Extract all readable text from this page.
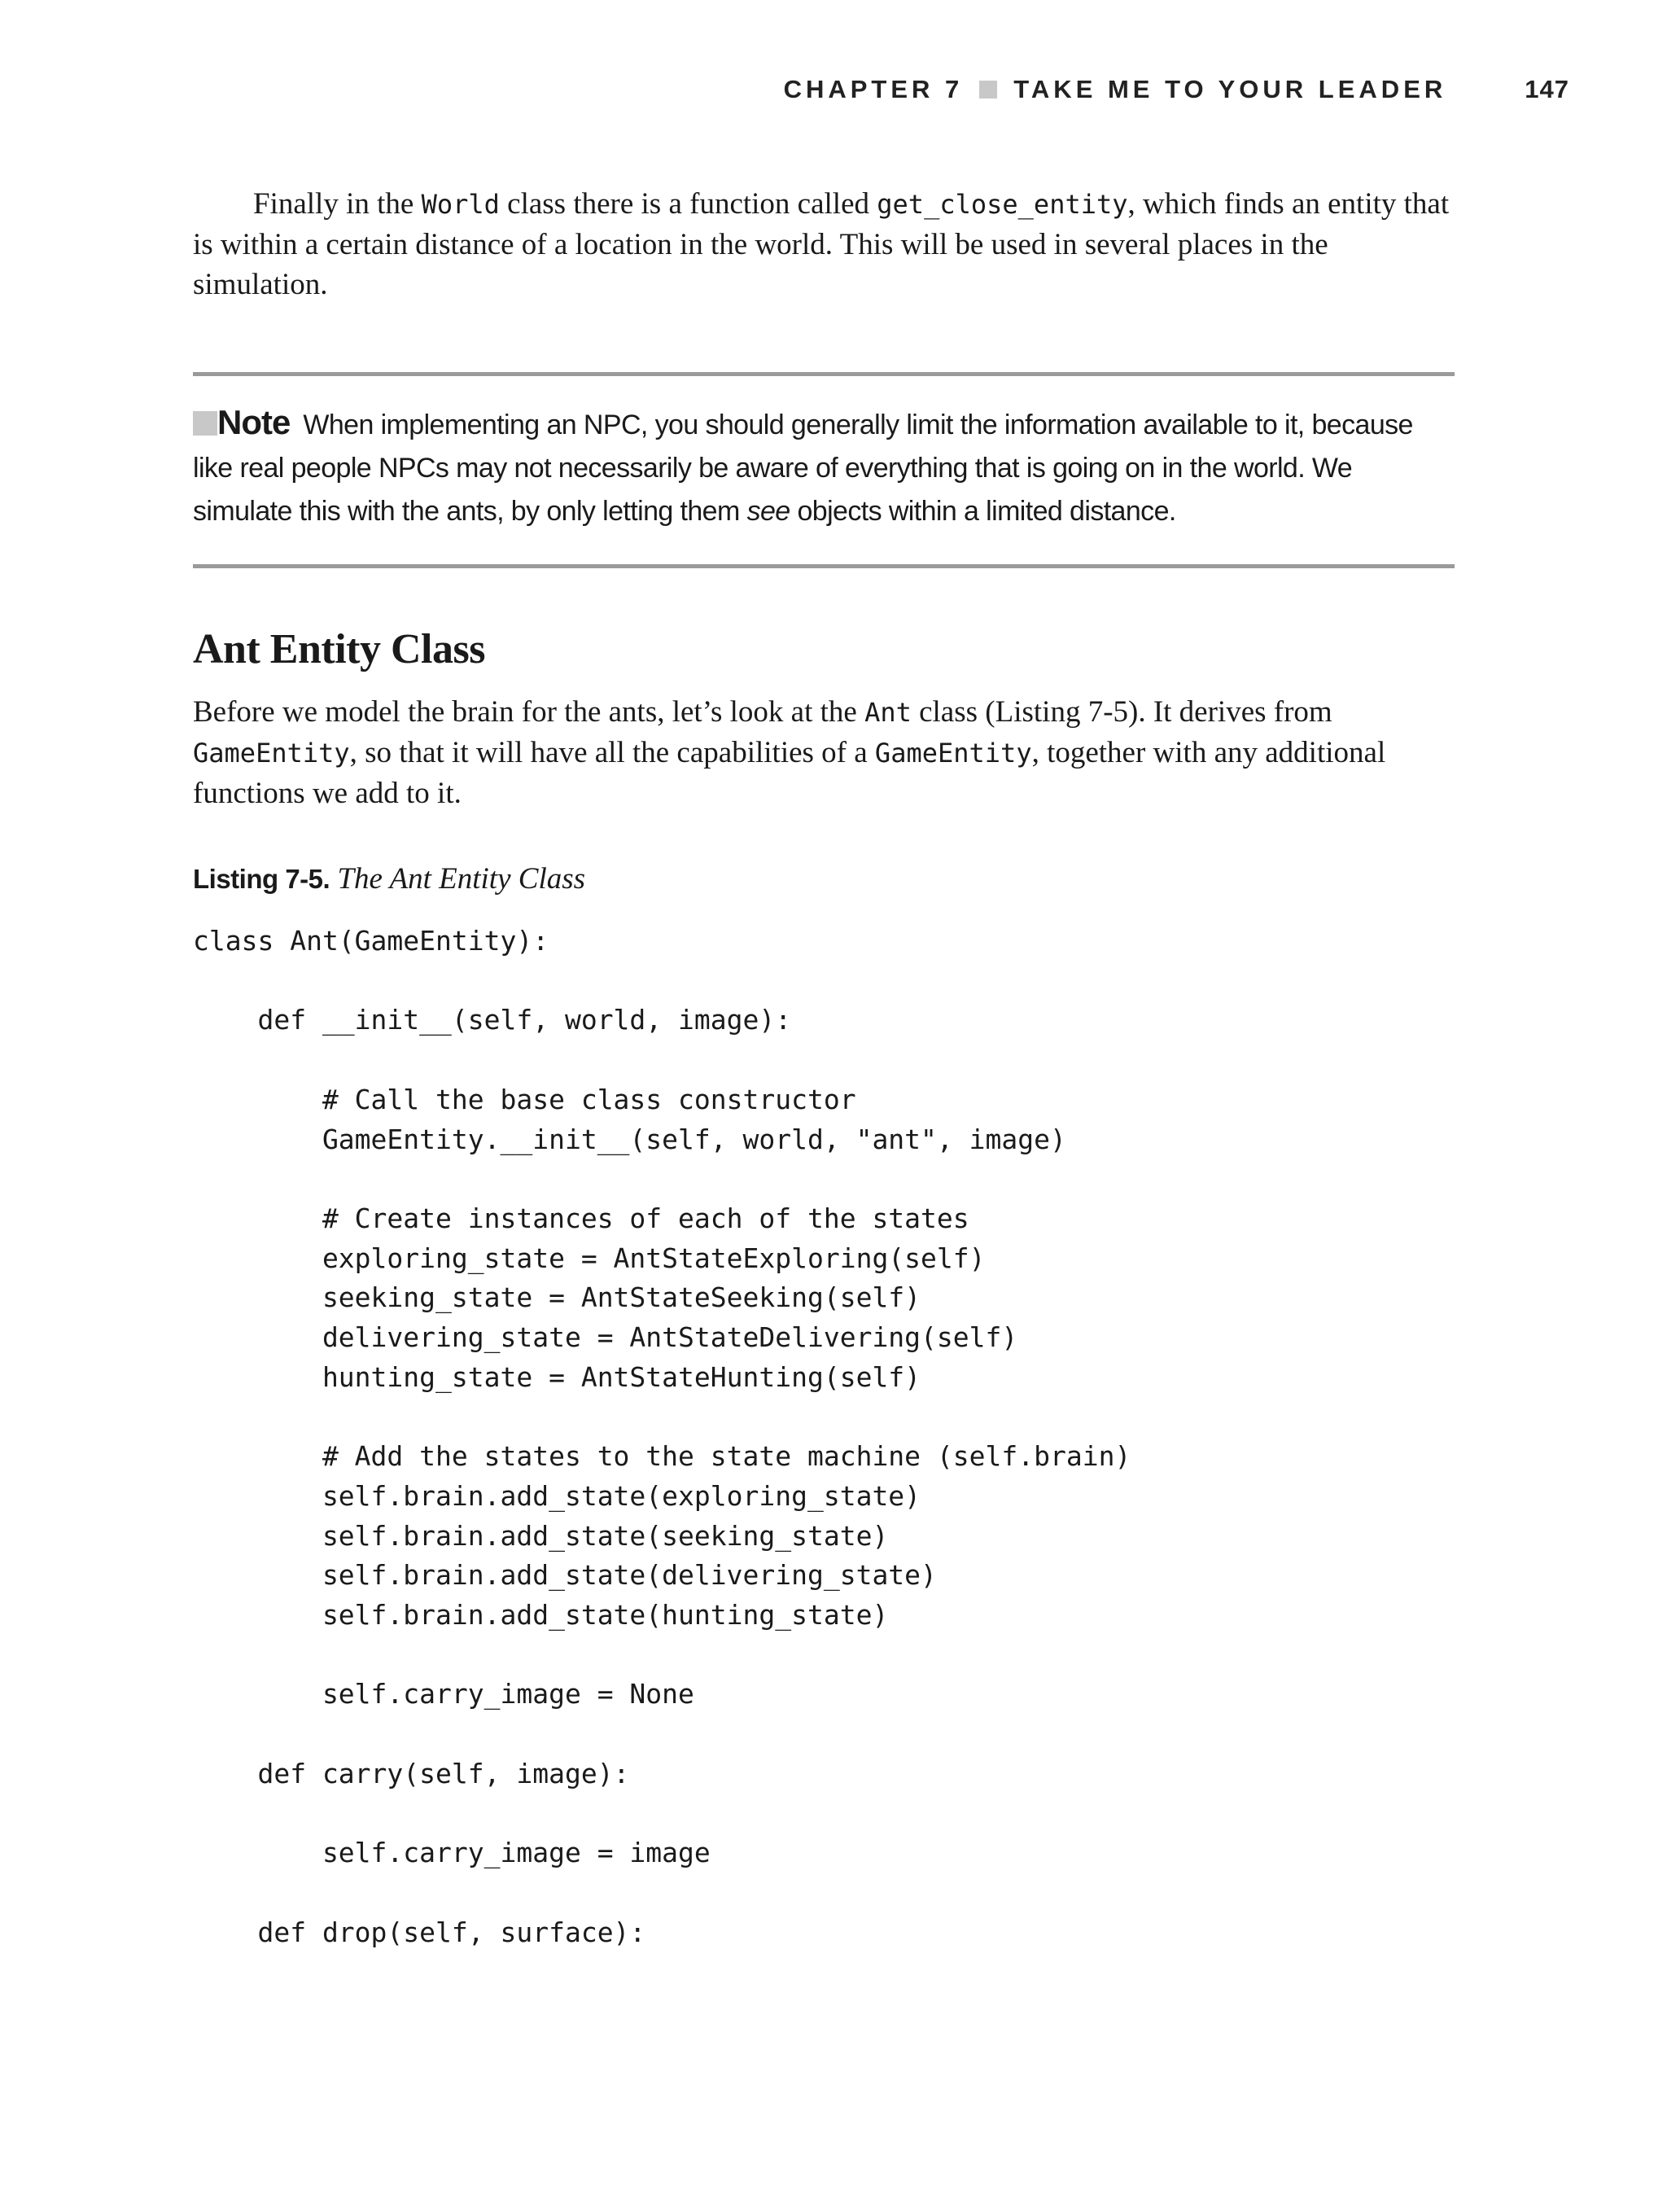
CHAPTER 7 TAKE ME TO YOUR LEADER	147

Finally in the World class there is a function called get_close_entity, which finds an entity that is within a certain distance of a location in the world. This will be used in several places in the simulation.

Note When implementing an NPC, you should generally limit the information available to it, because like real people NPCs may not necessarily be aware of everything that is going on in the world. We simulate this with the ants, by only letting them see objects within a limited distance.
Ant Entity Class

Before we model the brain for the ants, let’s look at the Ant class (Listing 7-5). It derives from GameEntity, so that it will have all the capabilities of a GameEntity, together with any additional functions we add to it.

Listing 7-5. The Ant Entity Class
class Ant(GameEntity):

def __init__(self, world, image):

# Call the base class constructor
GameEntity.__init__(self, world, "ant", image)

# Create instances of each of the states
exploring_state = AntStateExploring(self)
seeking_state = AntStateSeeking(self)
delivering_state = AntStateDelivering(self)
hunting_state = AntStateHunting(self)

# Add the states to the state machine (self.brain)
self.brain.add_state(exploring_state)
self.brain.add_state(seeking_state)
self.brain.add_state(delivering_state)
self.brain.add_state(hunting_state)

self.carry_image = None

def carry(self, image):

self.carry_image = image

def drop(self, surface):
